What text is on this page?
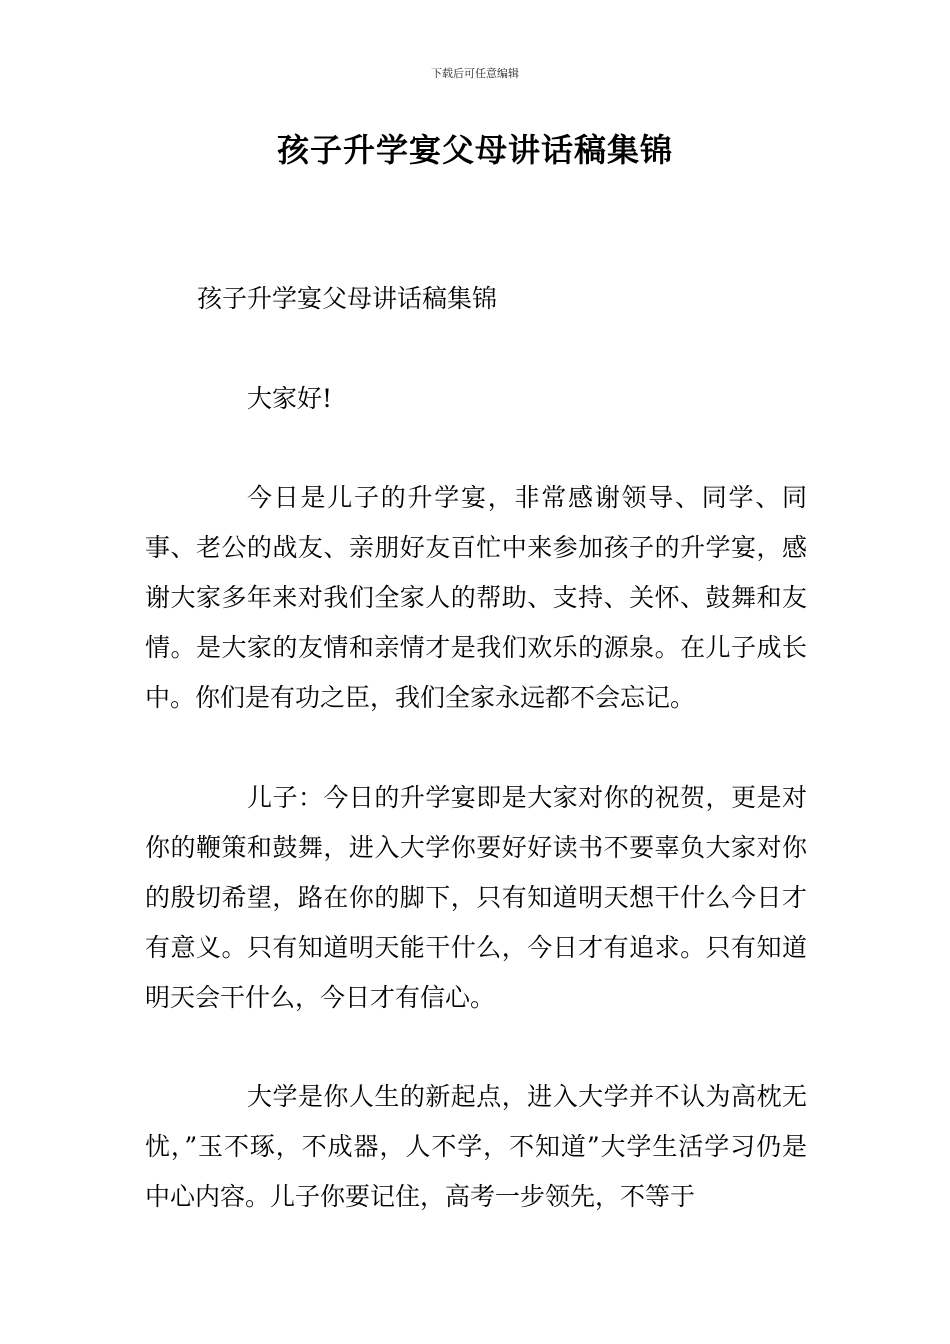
下载后可任意编辑
孩子升学宴父母讲话稿集锦
孩子升学宴父母讲话稿集锦
大家好!

今日是儿子的升学宴，非常感谢领导、同学、同事、老公的战友、亲朋好友百忙中来参加孩子的升学宴，感谢大家多年来对我们全家人的帮助、支持、关怀、鼓舞和友情。是大家的友情和亲情才是我们欢乐的源泉。在儿子成长中。你们是有功之臣，我们全家永远都不会忘记。

儿子：今日的升学宴即是大家对你的祝贺，更是对你的鞭策和鼓舞，进入大学你要好好读书不要辜负大家对你的殷切希望，路在你的脚下，只有知道明天想干什么今日才有意义。只有知道明天能干什么，今日才有追求。只有知道明天会干什么，今日才有信心。

大学是你人生的新起点，进入大学并不认为高枕无忧，”玉不琢，不成器，人不学，不知道”大学生活学习仍是中心内容。儿子你要记住，高考一步领先，不等于
